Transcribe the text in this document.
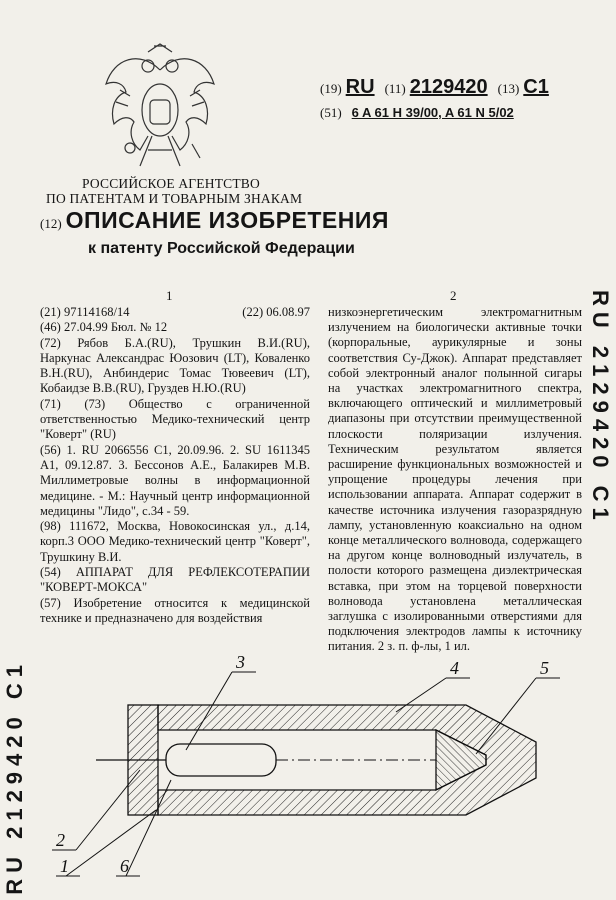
РОССИЙСКОЕ АГЕНТСТВО
ПО ПАТЕНТАМ И ТОВАРНЫМ ЗНАКАМ
(19) RU (11) 2129420 (13) C1
(51) 6 A 61 H 39/00, A 61 N 5/02
(12) ОПИСАНИЕ ИЗОБРЕТЕНИЯ
к патенту Российской Федерации
1	2
(21) 97114168/14	(22) 06.08.97

(46) 27.04.99 Бюл. № 12

(72) Рябов Б.А.(RU), Трушкин В.И.(RU), Наркунас Александрас Юозович (LT), Коваленко В.Н.(RU), Анбиндерис Томас Тювеевич (LT), Кобаидзе В.В.(RU), Груздев Н.Ю.(RU)

(71) (73) Общество с ограниченной ответственностью Медико-технический центр "Коверт" (RU)

(56) 1. RU 2066556 C1, 20.09.96. 2. SU 1611345 A1, 09.12.87. 3. Бессонов А.Е., Балакирев М.В. Миллиметровые волны в информационной медицине. - М.: Научный центр информационной медицины "Лидо", с.34 - 59.

(98) 111672, Москва, Новокосинская ул., д.14, корп.3 ООО Медико-технический центр "Коверт", Трушкину В.И.

(54) АППАРАТ ДЛЯ РЕФЛЕКСОТЕРАПИИ "КОВЕРТ-МОКСА"

(57) Изобретение относится к медицинской технике и предназначено для воздействия

низкоэнергетическим электромагнитным излучением на биологически активные точки (корпоральные, аурикулярные и зоны соответствия Су-Джок). Аппарат представляет собой электронный аналог полынной сигары на участках электромагнитного спектра, включающего оптический и миллиметровый диапазоны при отсутствии преимущественной плоскости поляризации излучения. Техническим результатом является расширение функциональных возможностей и упрощение процедуры лечения при использовании аппарата. Аппарат содержит в качестве источника излучения газоразрядную лампу, установленную коаксиально на одном конце металлического волновода, содержащего на другом конце волноводный излучатель, в полости которого размещена диэлектрическая вставка, при этом на торцевой поверхности волновода установлена металлическая заглушка с изолированными отверстиями для подключения электродов лампы к источнику питания. 2 з. п. ф-лы, 1 ил.
RU 2129420 C1
RU 2129420 C1	3	4	5
2
1	6
